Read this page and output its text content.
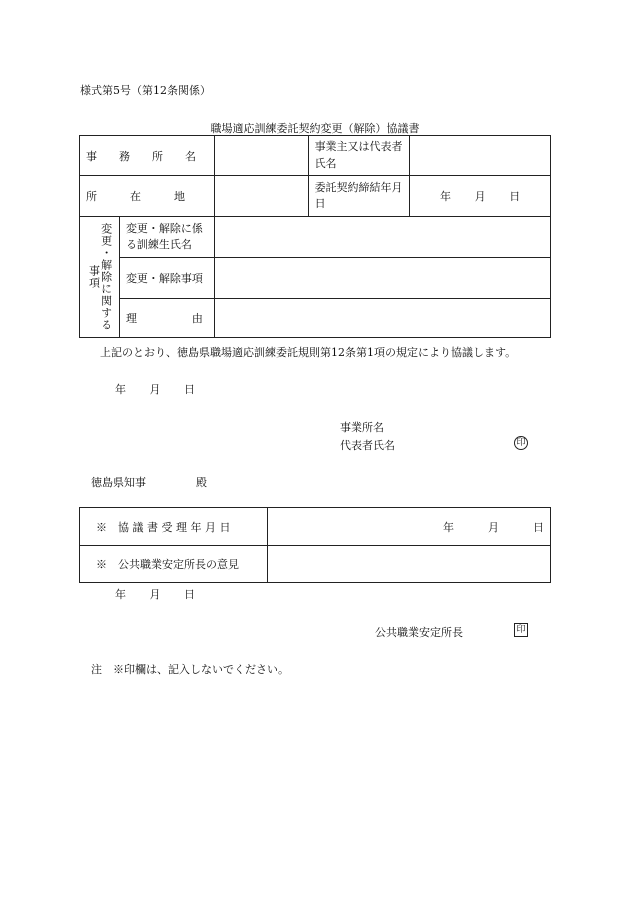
様式第5号（第12条関係）
職場適応訓練委託契約変更（解除）協議書
事　　務　　所　　名			事業主又は代表者氏名	
所　　　在　　　地			委託契約締結年月日	年 月 日

変更・解除に関する事項	変更・解除に係る訓練生氏名			
	変更・解除事項			
	理　　　　　由			
上記のとおり、徳島県職場適応訓練委託規則第12条第1項の規定により協議します。
年 月 日
事業所名
代表者氏名	印
徳島県知事	殿
※　協 議 書 受 理 年 月 日	年 月 日

※　公共職業安定所長の意見	
年 月 日
公共職業安定所長	印
注　※印欄は、記入しないでください。
